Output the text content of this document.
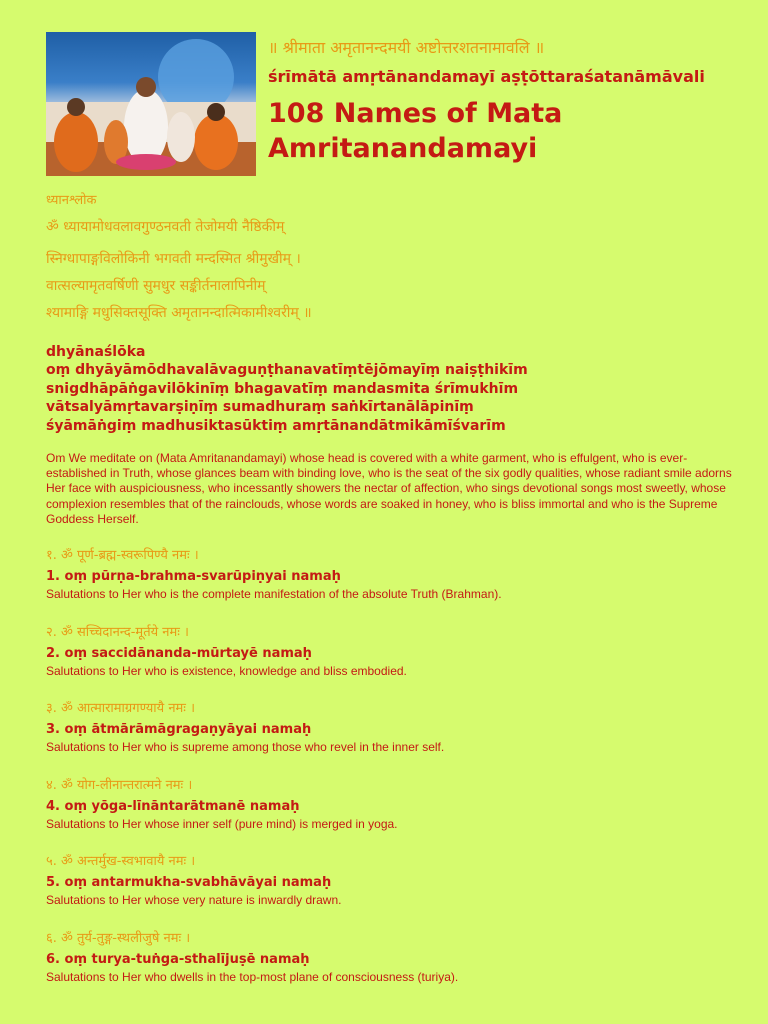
॥ श्रीमाता अमृतानन्दमयी अष्टोत्तरशतनामावलि ॥
śrīmātā amṛtānandamayī aṣṭōttaraśatanāmāvali
108 Names of Mata Amritanandamayi
ध्यानश्लोक
ॐ ध्यायामोधवलावगुण्ठनवती तेजोमयी नैष्ठिकीम्
स्निग्धापाङ्गविलोकिनी भगवती मन्दस्मित श्रीमुखीम् ।
वात्सल्यामृतवर्षिणी सुमधुर सङ्कीर्तनालापिनीम्
श्यामाङ्गि मधुसिक्तसूक्ति अमृतानन्दात्मिकामीश्वरीम् ॥
dhyānaślōka
oṃ dhyāyāmōdhavalāvaguṇṭhanavatīṃtējōmayīṃ naiṣṭhikīm
snigdhāpāṅgavilōkinīṃ bhagavatīṃ mandasmita śrīmukhīm
vātsalyāmṛtavarṣiṇīṃ sumadhuraṃ saṅkīrtanālāpinīṃ
śyāmāṅgiṃ madhusiktasūktiṃ amṛtānandātmikāmīśvarīm

Om We meditate on (Mata Amritanandamayi) whose head is covered with a white garment, who is effulgent, who is ever-established in Truth, whose glances beam with binding love, who is the seat of the six godly qualities, whose radiant smile adorns Her face with auspiciousness, who incessantly showers the nectar of affection, who sings devotional songs most sweetly, whose complexion resembles that of the rainclouds, whose words are soaked in honey, who is bliss immortal and who is the Supreme Goddess Herself.

१. ॐ पूर्ण-ब्रह्म-स्वरूपिण्यै नमः ।
1. oṃ pūrṇa-brahma-svarūpiṇyai namaḥ
Salutations to Her who is the complete manifestation of the absolute Truth (Brahman).
२. ॐ सच्चिदानन्द-मूर्तये नमः ।
2. oṃ saccidānanda-mūrtayē namaḥ
Salutations to Her who is existence, knowledge and bliss embodied.
३. ॐ आत्मारामाग्रगण्यायै नमः ।
3. oṃ ātmārāmāgragaṇyāyai namaḥ
Salutations to Her who is supreme among those who revel in the inner self.
४. ॐ योग-लीनान्तरात्मने नमः ।
4. oṃ yōga-līnāntarātmanē namaḥ
Salutations to Her whose inner self (pure mind) is merged in yoga.
५. ॐ अन्तर्मुख-स्वभावायै नमः ।
5. oṃ antarmukha-svabhāvāyai namaḥ
Salutations to Her whose very nature is inwardly drawn.
६. ॐ तुर्य-तुङ्ग-स्थलीजुषे नमः ।
6. oṃ turya-tuṅga-sthalījuṣē namaḥ
Salutations to Her who dwells in the top-most plane of consciousness (turiya).
